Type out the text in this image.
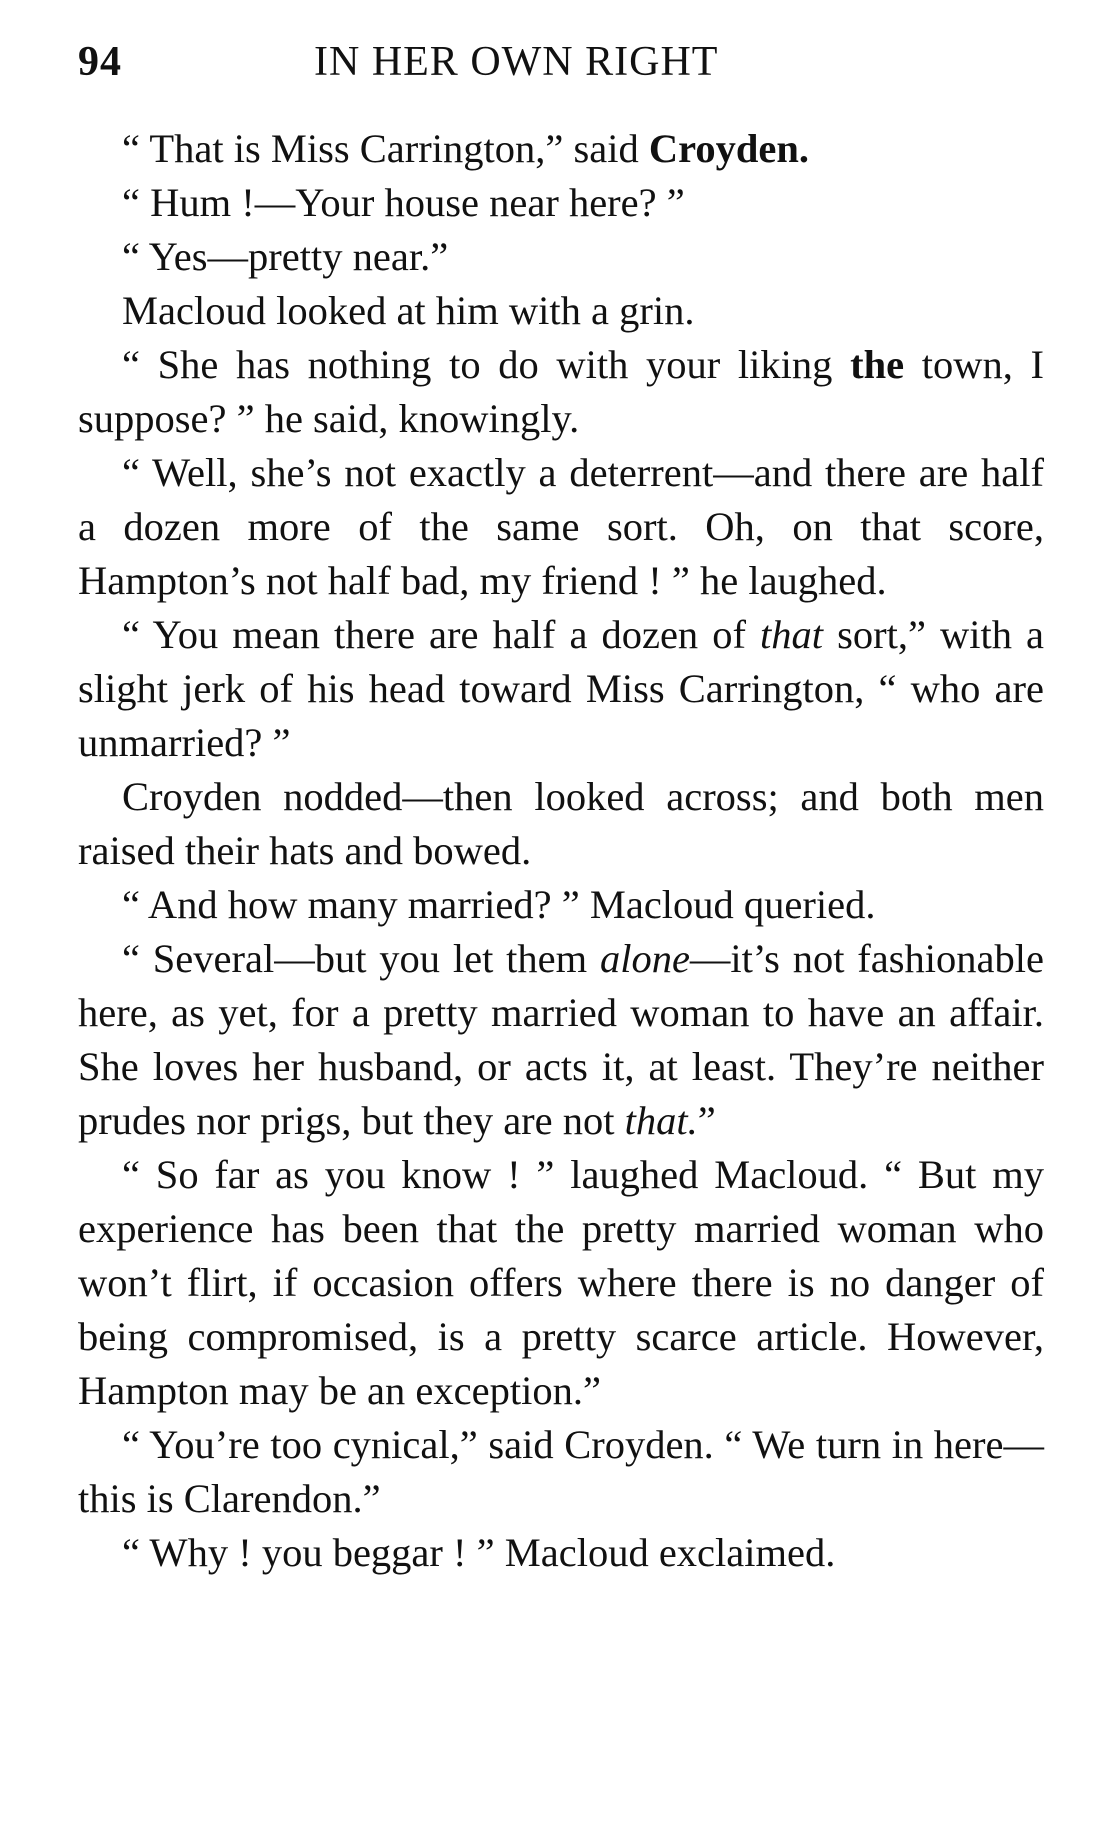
94	IN HER OWN RIGHT

“ That is Miss Carrington,” said Croyden.

“ Hum !—Your house near here? ”

“ Yes—pretty near.”

Macloud looked at him with a grin.

“ She has nothing to do with your liking the town, I suppose? ” he said, knowingly.

“ Well, she’s not exactly a deterrent—and there are half a dozen more of the same sort. Oh, on that score, Hampton’s not half bad, my friend ! ” he laughed.

“ You mean there are half a dozen of that sort,” with a slight jerk of his head toward Miss Carrington, “ who are unmarried? ”

Croyden nodded—then looked across; and both men raised their hats and bowed.

“ And how many married? ” Macloud queried.

“ Several—but you let them alone—it’s not fashionable here, as yet, for a pretty married woman to have an affair. She loves her husband, or acts it, at least. They’re neither prudes nor prigs, but they are not that.”

“ So far as you know ! ” laughed Macloud. “ But my experience has been that the pretty married woman who won’t flirt, if occasion offers where there is no danger of being compromised, is a pretty scarce article. However, Hampton may be an exception.”

“ You’re too cynical,” said Croyden. “ We turn in here—this is Clarendon.”

“ Why ! you beggar ! ” Macloud exclaimed.
